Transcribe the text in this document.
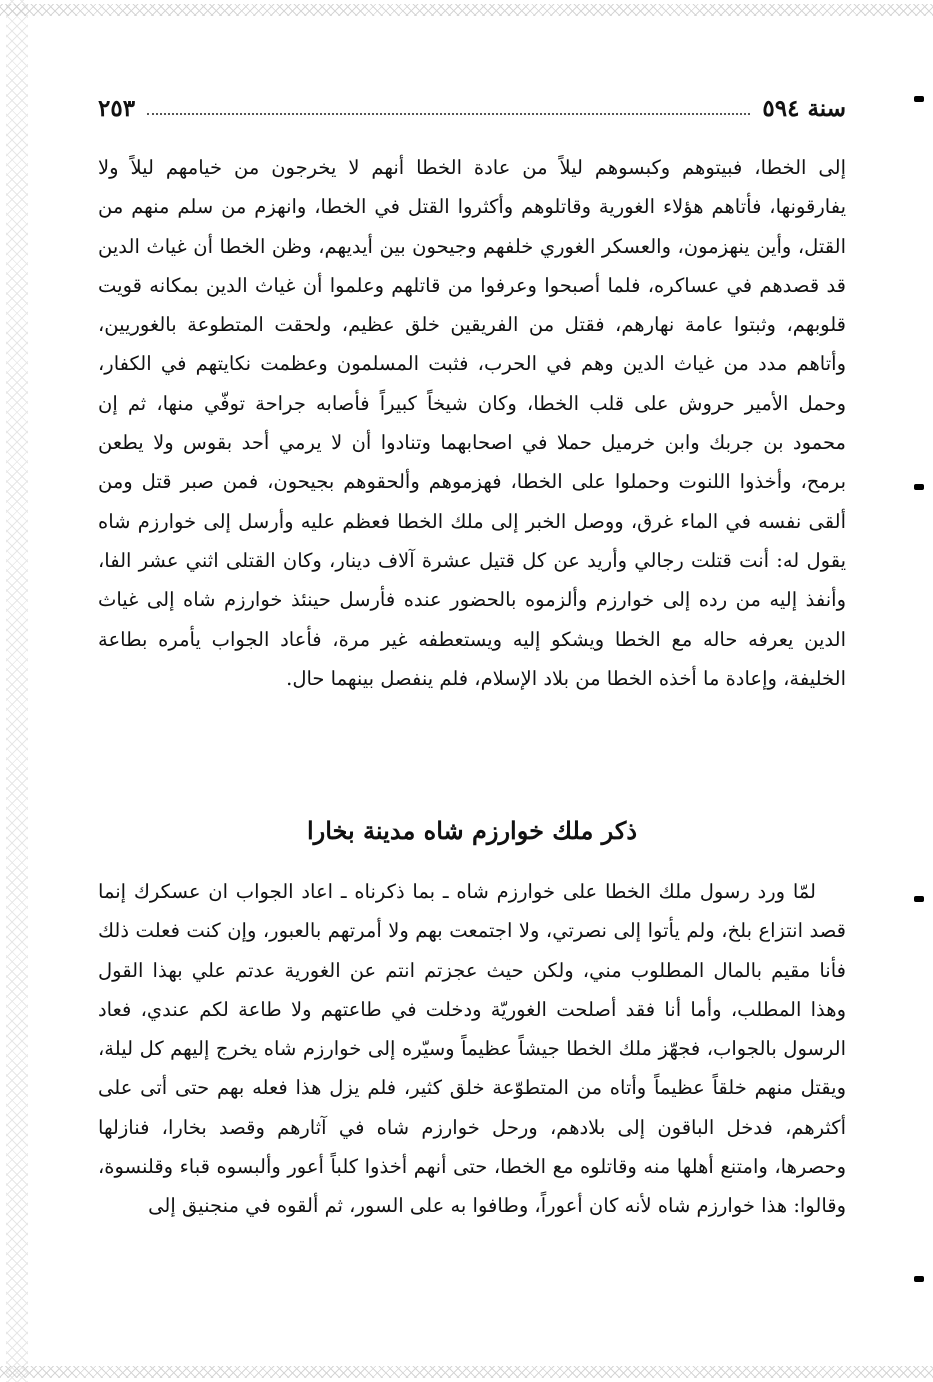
سنة ٥٩٤
٢٥٣
إلى الخطا، فبيتوهم وكبسوهم ليلاً من عادة الخطا أنهم لا يخرجون من خيامهم ليلاً ولا يفارقونها، فأتاهم هؤلاء الغورية وقاتلوهم وأكثروا القتل في الخطا، وانهزم من سلم منهم من القتل، وأين ينهزمون، والعسكر الغوري خلفهم وجيحون بين أيديهم، وظن الخطا أن غياث الدين قد قصدهم في عساكره، فلما أصبحوا وعرفوا من قاتلهم وعلموا أن غياث الدين بمكانه قويت قلوبهم، وثبتوا عامة نهارهم، فقتل من الفريقين خلق عظيم، ولحقت المتطوعة بالغوريين، وأتاهم مدد من غياث الدين وهم في الحرب، فثبت المسلمون وعظمت نكايتهم في الكفار، وحمل الأمير حروش على قلب الخطا، وكان شيخاً كبيراً فأصابه جراحة توفّي منها، ثم إن محمود بن جربك وابن خرميل حملا في اصحابهما وتنادوا أن لا يرمي أحد بقوس ولا يطعن برمح، وأخذوا اللنوت وحملوا على الخطا، فهزموهم وألحقوهم بجيحون، فمن صبر قتل ومن ألقى نفسه في الماء غرق، ووصل الخبر إلى ملك الخطا فعظم عليه وأرسل إلى خوارزم شاه يقول له: أنت قتلت رجالي وأريد عن كل قتيل عشرة آلاف دينار، وكان القتلى اثني عشر الفا، وأنفذ إليه من رده إلى خوارزم وألزموه بالحضور عنده فأرسل حينئذ خوارزم شاه إلى غياث الدين يعرفه حاله مع الخطا ويشكو إليه ويستعطفه غير مرة، فأعاد الجواب يأمره بطاعة الخليفة، وإعادة ما أخذه الخطا من بلاد الإسلام، فلم ينفصل بينهما حال.
ذكر ملك خوارزم شاه مدينة بخارا
لمّا ورد رسول ملك الخطا على خوارزم شاه ـ بما ذكرناه ـ اعاد الجواب ان عسكرك إنما قصد انتزاع بلخ، ولم يأتوا إلى نصرتي، ولا اجتمعت بهم ولا أمرتهم بالعبور، وإن كنت فعلت ذلك فأنا مقيم بالمال المطلوب مني، ولكن حيث عجزتم انتم عن الغورية عدتم علي بهذا القول وهذا المطلب، وأما أنا فقد أصلحت الغوريّة ودخلت في طاعتهم ولا طاعة لكم عندي، فعاد الرسول بالجواب، فجهّز ملك الخطا جيشاً عظيماً وسيّره إلى خوارزم شاه يخرج إليهم كل ليلة، ويقتل منهم خلقاً عظيماً وأتاه من المتطوّعة خلق كثير، فلم يزل هذا فعله بهم حتى أتى على أكثرهم، فدخل الباقون إلى بلادهم، ورحل خوارزم شاه في آثارهم وقصد بخارا، فنازلها وحصرها، وامتنع أهلها منه وقاتلوه مع الخطا، حتى أنهم أخذوا كلباً أعور وألبسوه قباء وقلنسوة، وقالوا: هذا خوارزم شاه لأنه كان أعوراً، وطافوا به على السور، ثم ألقوه في منجنيق إلى
